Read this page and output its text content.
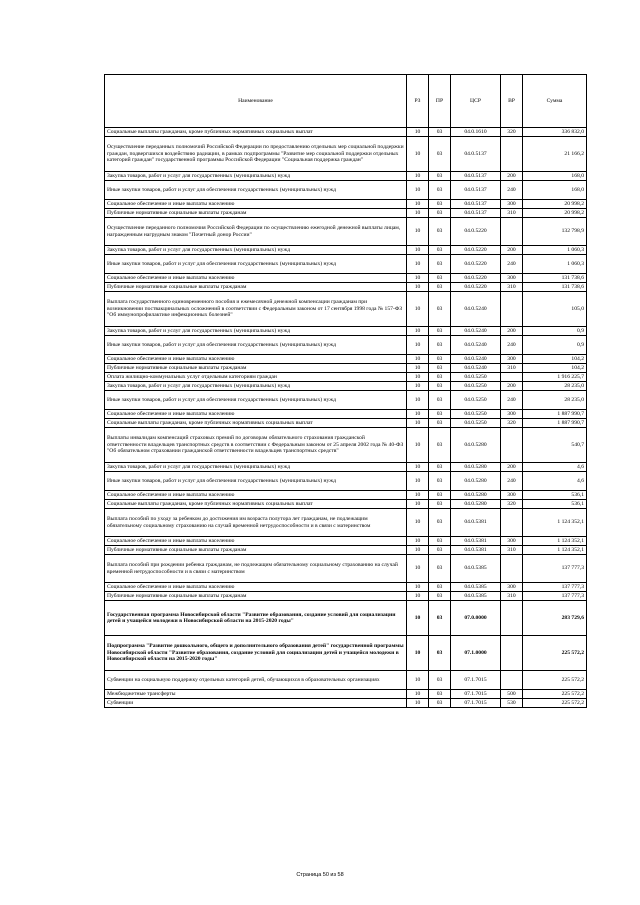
Наименование	РЗ	ПР	ЦСР	ВР	Сумма
Социальные выплаты гражданам, кроме публичных нормативных социальных выплат	10	03	04.0.1610	320	336 832,0
Осуществление переданных полномочий Российской Федерации по предоставлению отдельных мер социальной поддержки граждан, подвергшихся воздействию радиации, в рамках подпрограммы "Развитие мер социальной поддержки отдельных категорий граждан" государственной программы Российской Федерации "Социальная поддержка граждан"	10	03	04.0.5137		21 166,2
Закупка товаров, работ и услуг для государственных (муниципальных) нужд	10	03	04.0.5137	200	168,0
Иные закупки товаров, работ и услуг для обеспечения государственных (муниципальных) нужд	10	03	04.0.5137	240	168,0
Социальное обеспечение и иные выплаты населению	10	03	04.0.5137	300	20 998,2
Публичные нормативные социальные выплаты гражданам	10	03	04.0.5137	310	20 998,2
Осуществление переданного полномочия Российской Федерации по осуществлению ежегодной денежной выплаты лицам, награжденным нагрудным знаком "Почетный донор России"	10	03	04.0.5220		132 798,9
Закупка товаров, работ и услуг для государственных (муниципальных) нужд	10	03	04.0.5220	200	1 060,3
Иные закупки товаров, работ и услуг для обеспечения государственных (муниципальных) нужд	10	03	04.0.5220	240	1 060,3
Социальное обеспечение и иные выплаты населению	10	03	04.0.5220	300	131 738,6
Публичные нормативные социальные выплаты гражданам	10	03	04.0.5220	310	131 738,6
Выплата государственного единовременного пособия и ежемесячной денежной компенсации гражданам при возникновении поствакцинальных осложнений в соответствии с Федеральным законом от 17 сентября 1998 года № 157-ФЗ "Об иммунопрофилактике инфекционных болезней"	10	03	04.0.5240		105,0
Закупка товаров, работ и услуг для государственных (муниципальных) нужд	10	03	04.0.5240	200	0,9
Иные закупки товаров, работ и услуг для обеспечения государственных (муниципальных) нужд	10	03	04.0.5240	240	0,9
Социальное обеспечение и иные выплаты населению	10	03	04.0.5240	300	104,2
Публичные нормативные социальные выплаты гражданам	10	03	04.0.5240	310	104,2
Оплата жилищно-коммунальных услуг отдельным категориям граждан	10	03	04.0.5250		1 916 225,7
Закупка товаров, работ и услуг для государственных (муниципальных) нужд	10	03	04.0.5250	200	28 235,0
Иные закупки товаров, работ и услуг для обеспечения государственных (муниципальных) нужд	10	03	04.0.5250	240	28 235,0
Социальное обеспечение и иные выплаты населению	10	03	04.0.5250	300	1 887 990,7
Социальные выплаты гражданам, кроме публичных нормативных социальных выплат	10	03	04.0.5250	320	1 887 990,7
Выплаты инвалидам компенсаций страховых премий по договорам обязательного страхования гражданской ответственности владельцев транспортных средств в соответствии с Федеральным законом от 25 апреля 2002 года № 40-ФЗ "Об обязательном страховании гражданской ответственности владельцев транспортных средств"	10	03	04.0.5280		540,7
Закупка товаров, работ и услуг для государственных (муниципальных) нужд	10	03	04.0.5280	200	4,6
Иные закупки товаров, работ и услуг для обеспечения государственных (муниципальных) нужд	10	03	04.0.5280	240	4,6
Социальное обеспечение и иные выплаты населению	10	03	04.0.5280	300	536,1
Социальные выплаты гражданам, кроме публичных нормативных социальных выплат	10	03	04.0.5280	320	536,1
Выплата пособий по уходу за ребенком до достижения им возраста полутора лет гражданам, не подлежащим обязательному социальному страхованию на случай временной нетрудоспособности и в связи с материнством	10	03	04.0.5381		1 124 352,1
Социальное обеспечение и иные выплаты населению	10	03	04.0.5381	300	1 124 352,1
Публичные нормативные социальные выплаты гражданам	10	03	04.0.5381	310	1 124 352,1
Выплата пособий при рождении ребенка гражданам, не подлежащим обязательному социальному страхованию на случай временной нетрудоспособности и в связи с материнством	10	03	04.0.5385		137 777,3
Социальное обеспечение и иные выплаты населению	10	03	04.0.5385	300	137 777,3
Публичные нормативные социальные выплаты гражданам	10	03	04.0.5385	310	137 777,3
Государственная программа Новосибирской области "Развитие образования, создание условий для социализации детей и учащейся молодежи в Новосибирской области на 2015-2020 годы"	10	03	07.0.0000		283 729,6
Подпрограмма "Развитие дошкольного, общего и дополнительного образования детей" государственной программы Новосибирской области "Развитие образования, создание условий для социализации детей и учащейся молодежи в Новосибирской области на 2015-2020 годы"	10	03	07.1.0000		225 572,2
Субвенции на социальную поддержку отдельных категорий детей, обучающихся в образовательных организациях	10	03	07.1.7015		225 572,2
Межбюджетные трансферты	10	03	07.1.7015	500	225 572,2
Субвенции	10	03	07.1.7015	530	225 572,2
Страница 50 из 58
